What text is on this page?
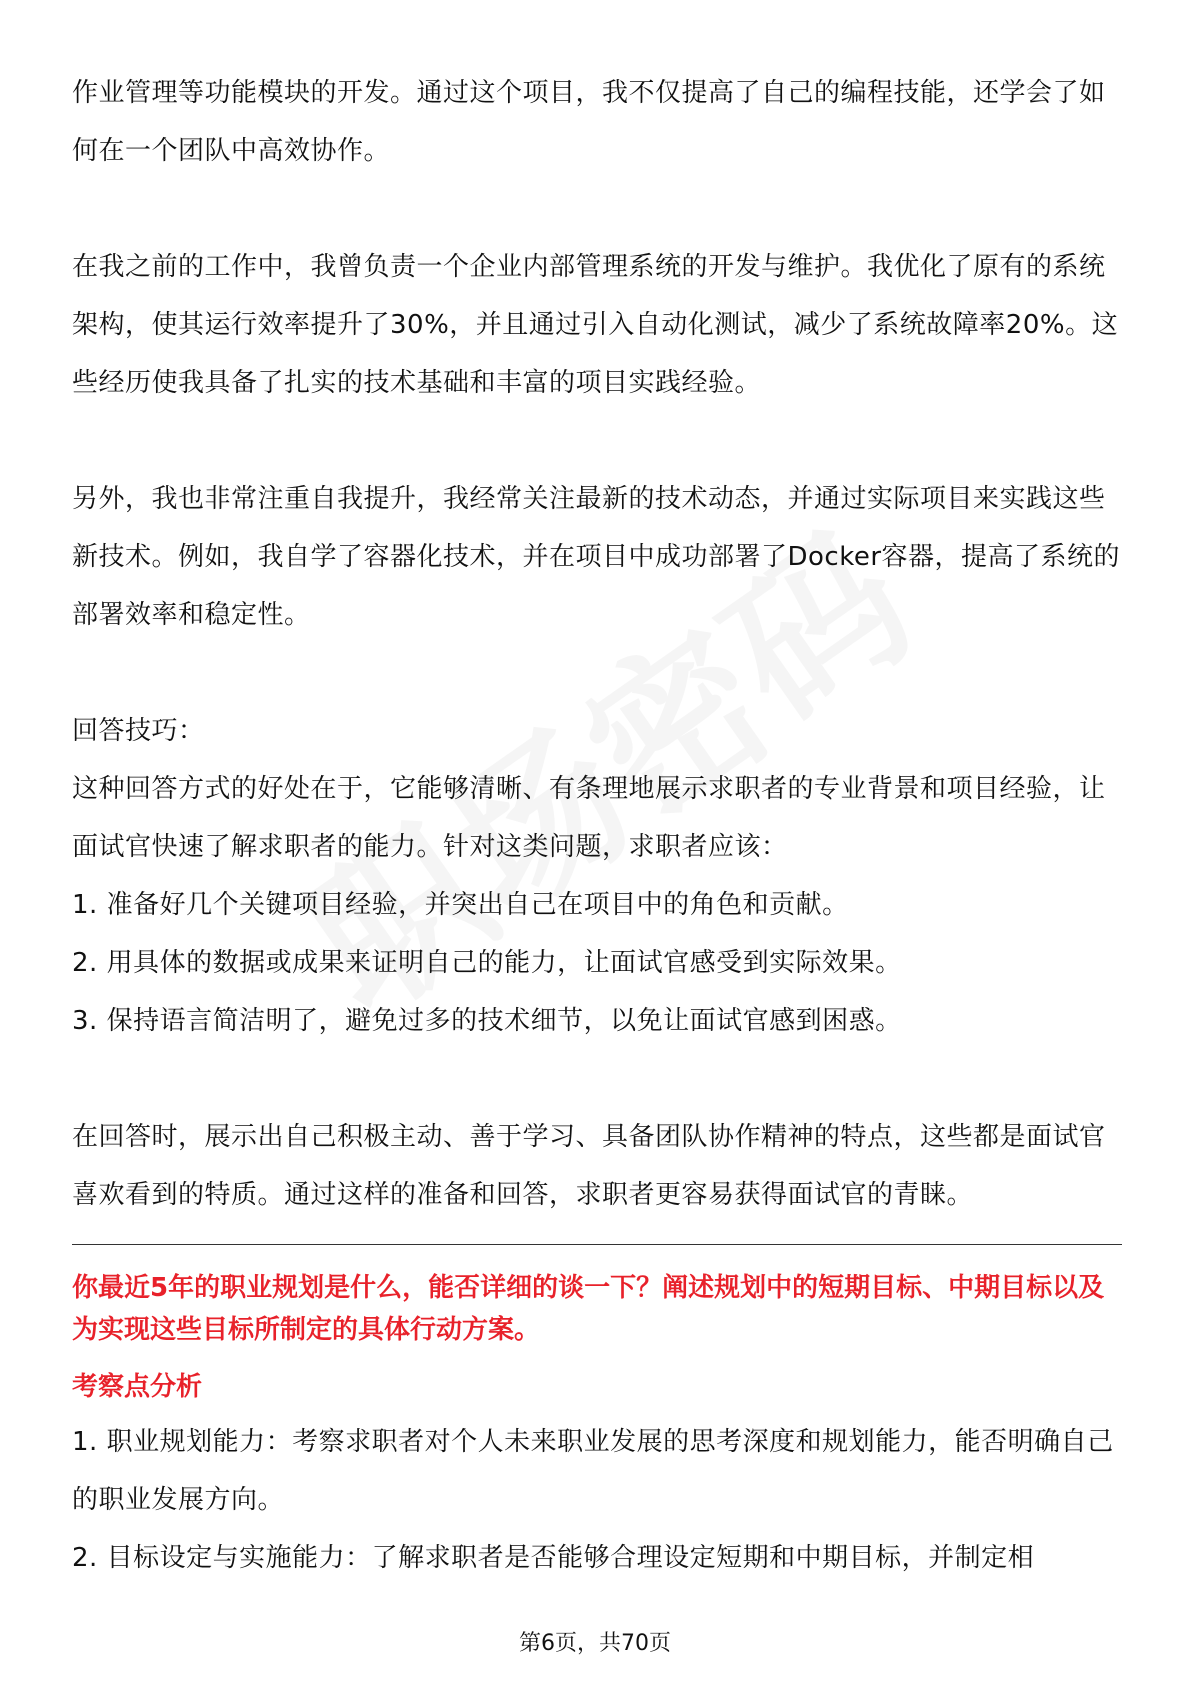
作业管理等功能模块的开发。通过这个项目，我不仅提高了自己的编程技能，还学会了如何在一个团队中高效协作。

在我之前的工作中，我曾负责一个企业内部管理系统的开发与维护。我优化了原有的系统架构，使其运行效率提升了30%，并且通过引入自动化测试，减少了系统故障率20%。这些经历使我具备了扎实的技术基础和丰富的项目实践经验。

另外，我也非常注重自我提升，我经常关注最新的技术动态，并通过实际项目来实践这些新技术。例如，我自学了容器化技术，并在项目中成功部署了Docker容器，提高了系统的部署效率和稳定性。

回答技巧：

这种回答方式的好处在于，它能够清晰、有条理地展示求职者的专业背景和项目经验，让面试官快速了解求职者的能力。针对这类问题，求职者应该：

1. 准备好几个关键项目经验，并突出自己在项目中的角色和贡献。

2. 用具体的数据或成果来证明自己的能力，让面试官感受到实际效果。

3. 保持语言简洁明了，避免过多的技术细节，以免让面试官感到困惑。

在回答时，展示出自己积极主动、善于学习、具备团队协作精神的特点，这些都是面试官喜欢看到的特质。通过这样的准备和回答，求职者更容易获得面试官的青睐。

你最近5年的职业规划是什么，能否详细的谈一下？阐述规划中的短期目标、中期目标以及为实现这些目标所制定的具体行动方案。

考察点分析

1. 职业规划能力：考察求职者对个人未来职业发展的思考深度和规划能力，能否明确自己的职业发展方向。

2. 目标设定与实施能力：了解求职者是否能够合理设定短期和中期目标，并制定相

第6页，共70页
